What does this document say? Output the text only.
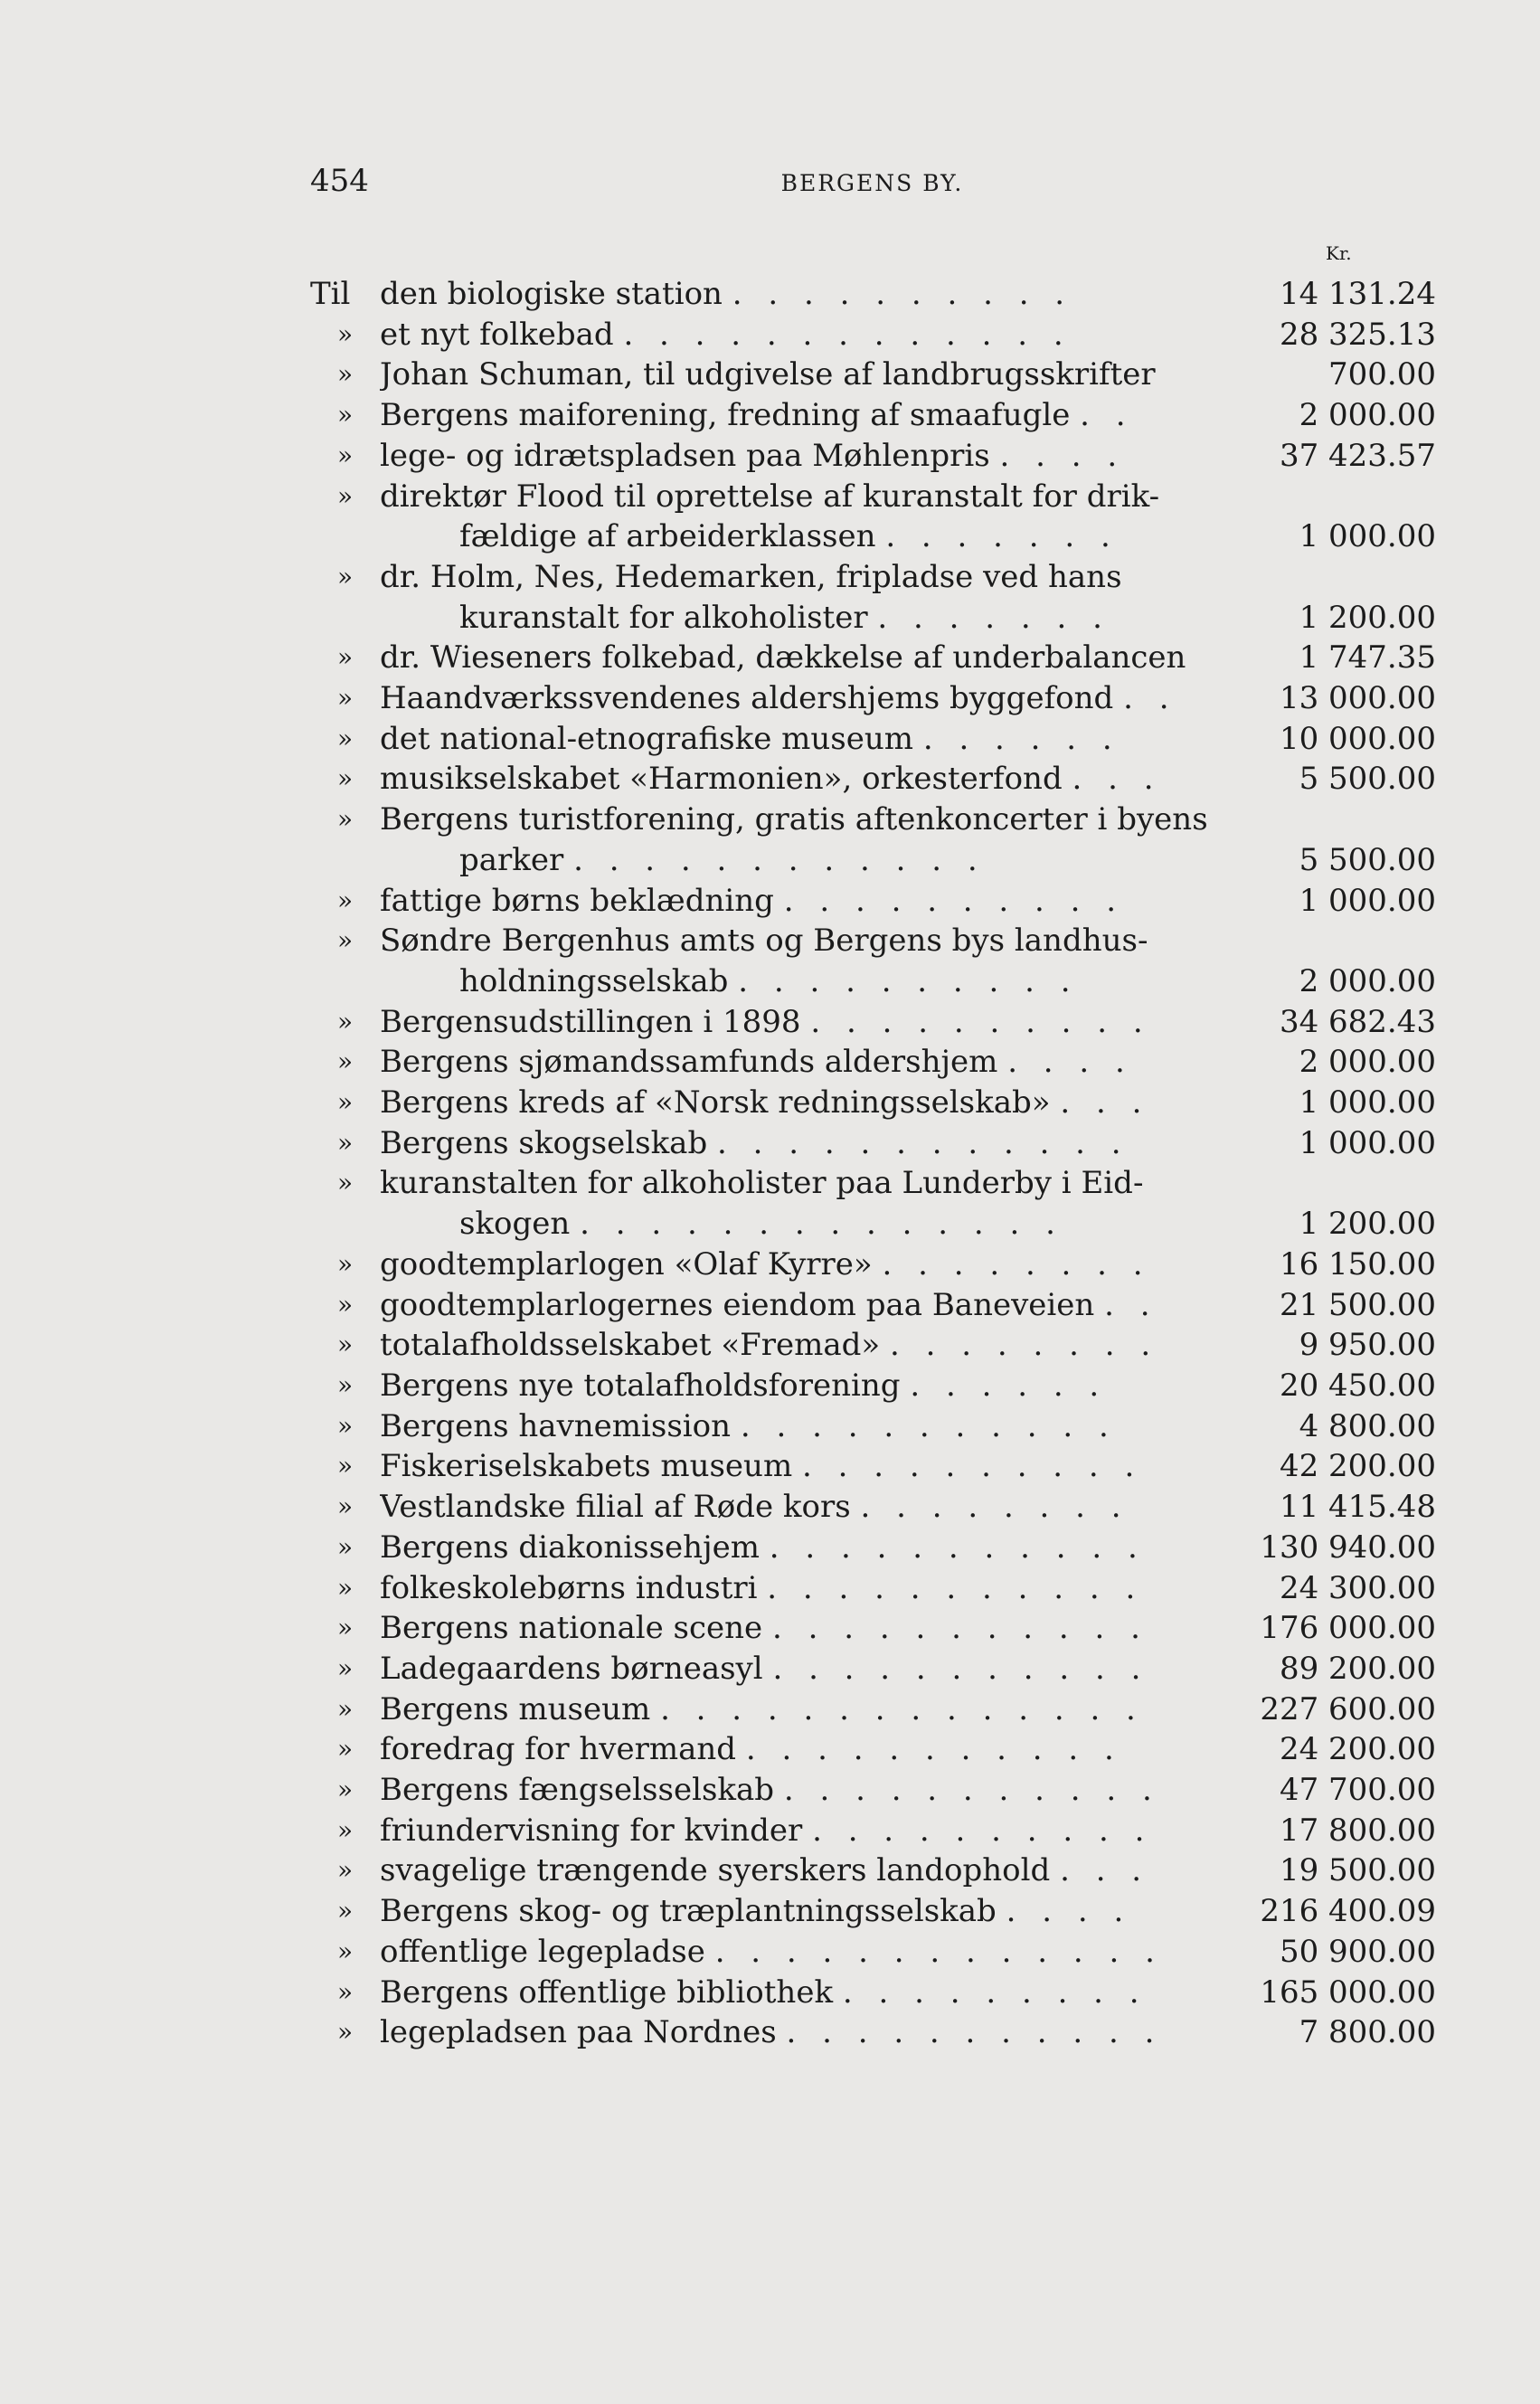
454	BERGENS BY.
Kr.
Til den biologiske station . . . . . . . . . .	14 131.24
» et nyt folkebad . . . . . . . . . . . . .	28 325.13
» Johan Schuman, til udgivelse af landbrugsskrifter	700.00
» Bergens maiforening, fredning af smaafugle . .	2 000.00
» lege- og idrætspladsen paa Møhlenpris . . . .	37 423.57
» direktør Flood til oprettelse af kuranstalt for drik-
fældige af arbeiderklassen . . . . . . .	1 000.00
» dr. Holm, Nes, Hedemarken, fripladse ved hans
kuranstalt for alkoholister . . . . . . .	1 200.00
» dr. Wieseners folkebad, dækkelse af underbalancen	1 747.35
» Haandværkssvendenes aldershjems byggefond . .	13 000.00
» det national-etnografiske museum . . . . . .	10 000.00
» musikselskabet «Harmonien», orkesterfond . . .	5 500.00
» Bergens turistforening, gratis aftenkoncerter i byens
parker . . . . . . . . . . . .	5 500.00
» fattige børns beklædning . . . . . . . . . .	1 000.00
» Søndre Bergenhus amts og Bergens bys landhus-
holdningsselskab . . . . . . . . . .	2 000.00
» Bergensudstillingen i 1898 . . . . . . . . . .	34 682.43
» Bergens sjømandssamfunds aldershjem . . . .	2 000.00
» Bergens kreds af «Norsk redningsselskab» . . .	1 000.00
» Bergens skogselskab . . . . . . . . . . . .	1 000.00
» kuranstalten for alkoholister paa Lunderby i Eid-
skogen . . . . . . . . . . . . . .	1 200.00
» goodtemplarlogen «Olaf Kyrre» . . . . . . . .	16 150.00
» goodtemplarlogernes eiendom paa Baneveien . .	21 500.00
» totalafholdsselskabet «Fremad» . . . . . . . .	9 950.00
» Bergens nye totalafholdsforening . . . . . .	20 450.00
» Bergens havnemission . . . . . . . . . . .	4 800.00
» Fiskeriselskabets museum . . . . . . . . . .	42 200.00
» Vestlandske filial af Røde kors . . . . . . . .	11 415.48
» Bergens diakonissehjem . . . . . . . . . . .	130 940.00
» folkeskolebørns industri . . . . . . . . . . .	24 300.00
» Bergens nationale scene . . . . . . . . . . .	176 000.00
» Ladegaardens børneasyl . . . . . . . . . . .	89 200.00
» Bergens museum . . . . . . . . . . . . . .	227 600.00
» foredrag for hvermand . . . . . . . . . . .	24 200.00
» Bergens fængselsselskab . . . . . . . . . . .	47 700.00
» friundervisning for kvinder . . . . . . . . . .	17 800.00
» svagelige trængende syerskers landophold . . .	19 500.00
» Bergens skog- og træplantningsselskab . . . .	216 400.09
» offentlige legepladse . . . . . . . . . . . . .	50 900.00
» Bergens offentlige bibliothek . . . . . . . . .	165 000.00
» legepladsen paa Nordnes . . . . . . . . . . .	7 800.00
